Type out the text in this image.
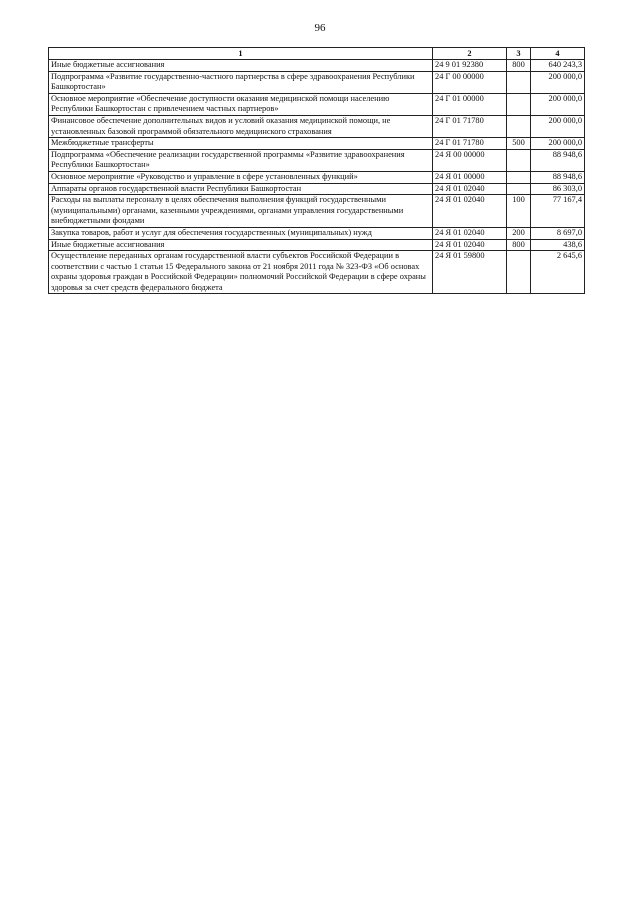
96
1	2	3	4
Иные бюджетные ассигнования	24 9 01 92380	800	640 243,3
Подпрограмма «Развитие государственно-частного партнерства в сфере здравоохранения Республики Башкортостан»	24 Г 00 00000		200 000,0
Основное мероприятие «Обеспечение доступности оказания медицинской помощи населению Республики Башкортостан с привлечением частных партнеров»	24 Г 01 00000		200 000,0
Финансовое обеспечение дополнительных видов и условий оказания медицинской помощи, не установленных базовой программой обязательного медицинского страхования	24 Г 01 71780		200 000,0
Межбюджетные трансферты	24 Г 01 71780	500	200 000,0
Подпрограмма «Обеспечение реализации государственной программы «Развитие здравоохранения Республики Башкортостан»	24 Я 00 00000		88 948,6
Основное мероприятие «Руководство и управление в сфере установленных функций»	24 Я 01 00000		88 948,6
Аппараты органов государственной власти Республики Башкортостан	24 Я 01 02040		86 303,0
Расходы на выплаты персоналу в целях обеспечения выполнения функций государственными (муниципальными) органами, казенными учреждениями, органами управления государственными внебюджетными фондами	24 Я 01 02040	100	77 167,4
Закупка товаров, работ и услуг для обеспечения государственных (муниципальных) нужд	24 Я 01 02040	200	8 697,0
Иные бюджетные ассигнования	24 Я 01 02040	800	438,6
Осуществление переданных органам государственной власти субъектов Российской Федерации в соответствии с частью 1 статьи 15 Федерального закона от 21 ноября 2011 года № 323-ФЗ «Об основах охраны здоровья граждан в Российской Федерации» полномочий Российской Федерации в сфере охраны здоровья за счет средств федерального бюджета	24 Я 01 59800		2 645,6
